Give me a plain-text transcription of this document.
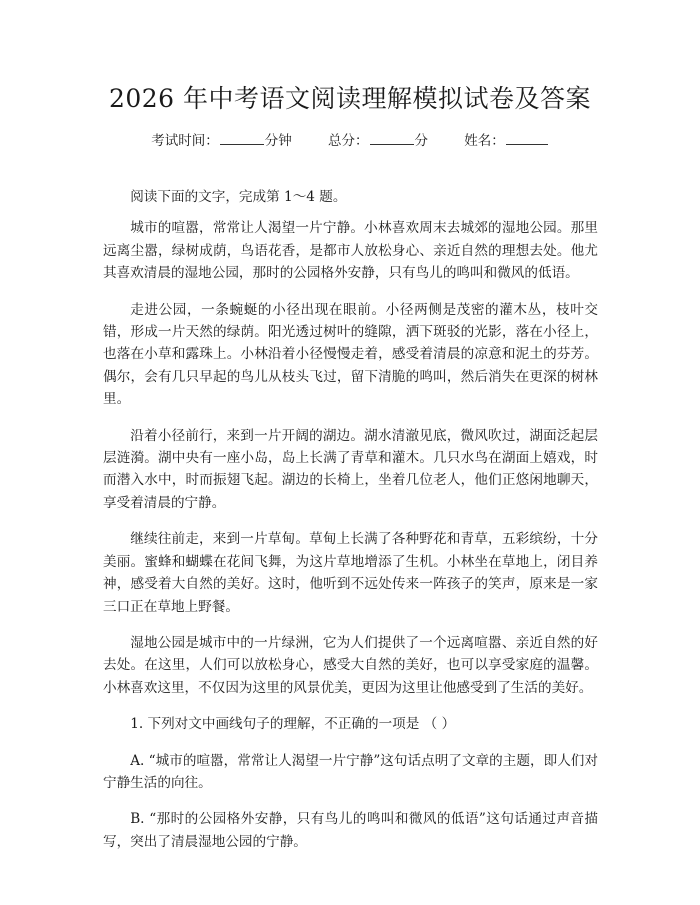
2026 年中考语文阅读理解模拟试卷及答案
考试时间：	分钟	总分：	分	姓名：

阅读下面的文字，完成第 1～4 题。

城市的喧嚣，常常让人渴望一片宁静。小林喜欢周末去城郊的湿地公园。那里远离尘嚣，绿树成荫，鸟语花香，是都市人放松身心、亲近自然的理想去处。他尤其喜欢清晨的湿地公园，那时的公园格外安静，只有鸟儿的鸣叫和微风的低语。

走进公园，一条蜿蜒的小径出现在眼前。小径两侧是茂密的灌木丛，枝叶交错，形成一片天然的绿荫。阳光透过树叶的缝隙，洒下斑驳的光影，落在小径上，也落在小草和露珠上。小林沿着小径慢慢走着，感受着清晨的凉意和泥土的芬芳。偶尔，会有几只早起的鸟儿从枝头飞过，留下清脆的鸣叫，然后消失在更深的树林里。

沿着小径前行，来到一片开阔的湖边。湖水清澈见底，微风吹过，湖面泛起层层涟漪。湖中央有一座小岛，岛上长满了青草和灌木。几只水鸟在湖面上嬉戏，时而潜入水中，时而振翅飞起。湖边的长椅上，坐着几位老人，他们正悠闲地聊天，享受着清晨的宁静。

继续往前走，来到一片草甸。草甸上长满了各种野花和青草，五彩缤纷，十分美丽。蜜蜂和蝴蝶在花间飞舞，为这片草地增添了生机。小林坐在草地上，闭目养神，感受着大自然的美好。这时，他听到不远处传来一阵孩子的笑声，原来是一家三口正在草地上野餐。

湿地公园是城市中的一片绿洲，它为人们提供了一个远离喧嚣、亲近自然的好去处。在这里，人们可以放松身心，感受大自然的美好，也可以享受家庭的温馨。小林喜欢这里，不仅因为这里的风景优美，更因为这里让他感受到了生活的美好。

1. 下列对文中画线句子的理解，不正确的一项是 （ ）

A. “城市的喧嚣，常常让人渴望一片宁静”这句话点明了文章的主题，即人们对宁静生活的向往。

B. “那时的公园格外安静，只有鸟儿的鸣叫和微风的低语”这句话通过声音描写，突出了清晨湿地公园的宁静。
